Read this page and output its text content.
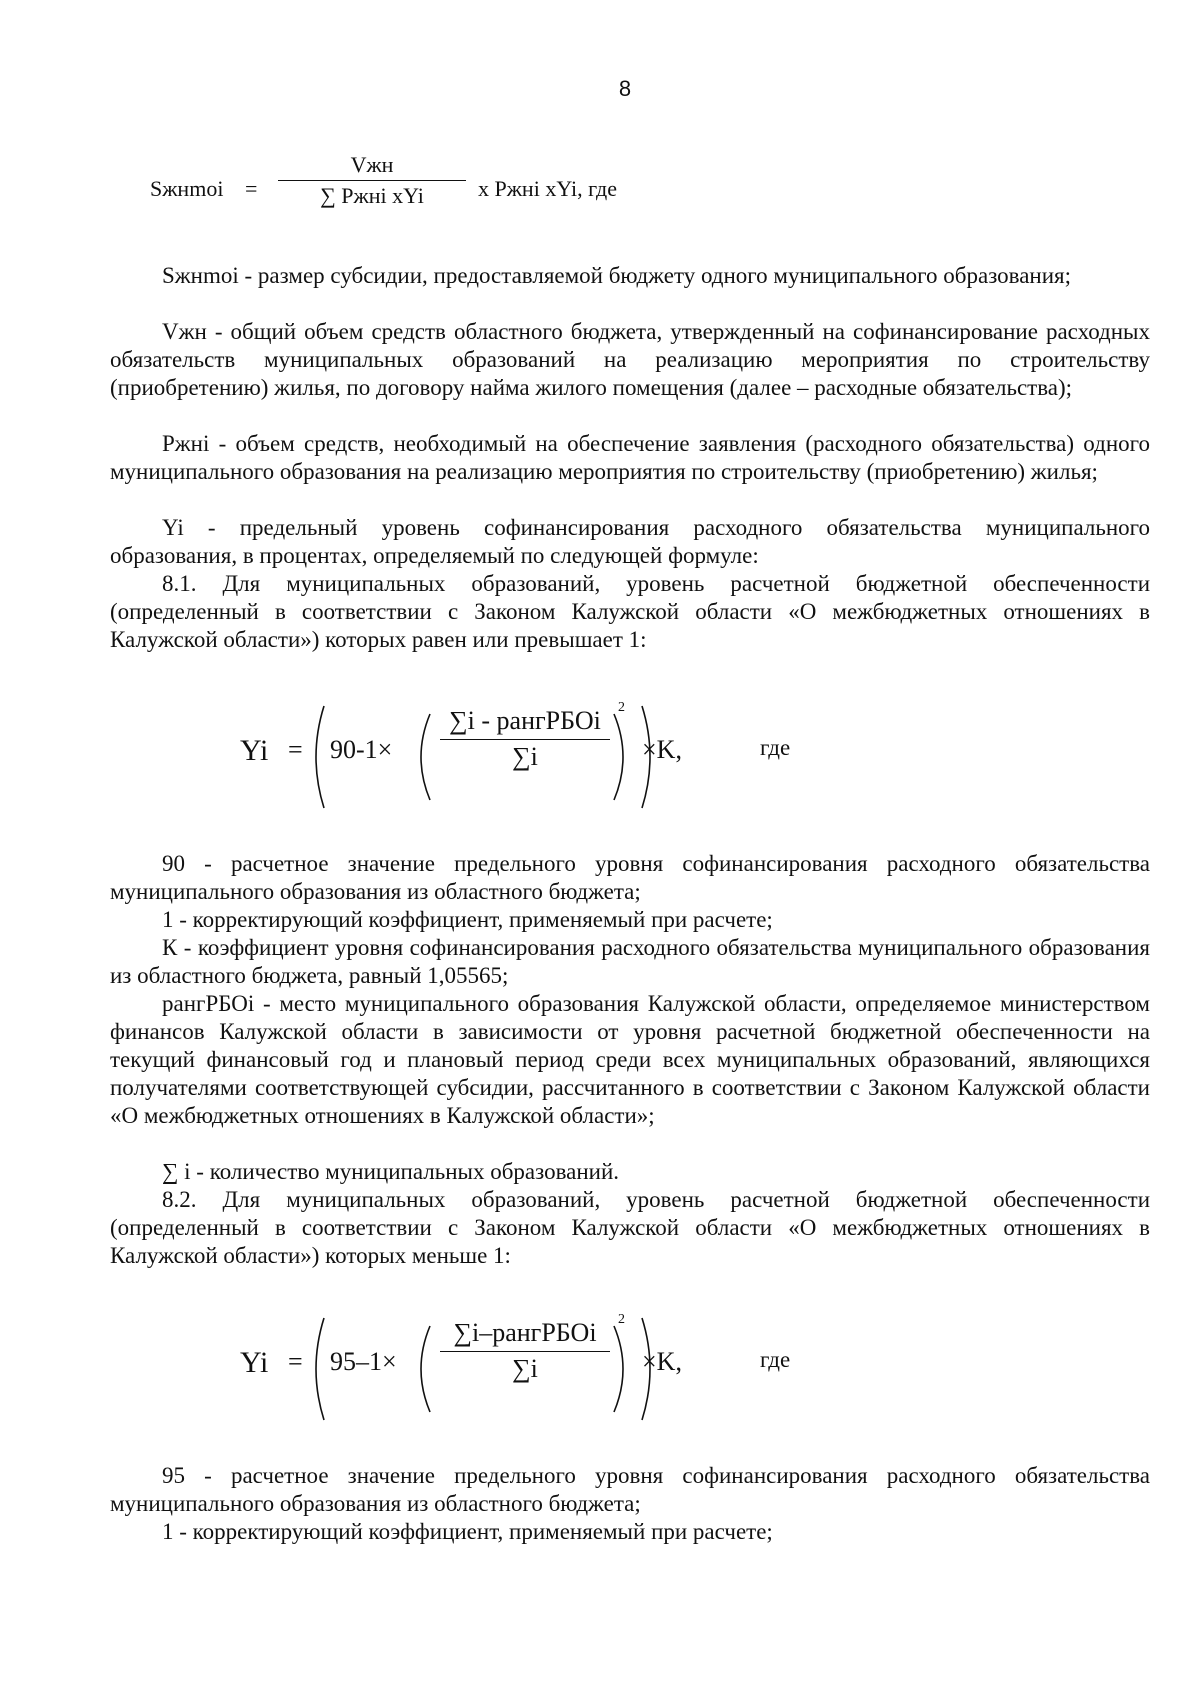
8
Sжнmoi =
Vжн
∑ Pжнi xYi	x Pжнi xYi, где
Sжнmoi - размер субсидии, предоставляемой бюджету одного муниципального образования;
Vжн - общий объем средств областного бюджета, утвержденный на софинансирование расходных обязательств муниципальных образований на реализацию мероприятия по строительству (приобретению) жилья, по договору найма жилого помещения (далее – расходные обязательства);
Pжнi - объем средств, необходимый на обеспечение заявления (расходного обязательства) одного муниципального образования на реализацию мероприятия по строительству (приобретению) жилья;
Yi - предельный уровень софинансирования расходного обязательства муниципального образования, в процентах, определяемый по следующей формуле:
8.1. Для муниципальных образований, уровень расчетной бюджетной обеспеченности (определенный в соответствии с Законом Калужской области «О межбюджетных отношениях в Калужской области») которых равен или превышает 1:
Yi = 90-1×
∑i - рангРБОi
∑i
2
×K,	где
90 - расчетное значение предельного уровня софинансирования расходного обязательства муниципального образования из областного бюджета;
1 - корректирующий коэффициент, применяемый при расчете;
К - коэффициент уровня софинансирования расходного обязательства муниципального образования из областного бюджета, равный 1,05565;
рангРБОi - место муниципального образования Калужской области, определяемое министерством финансов Калужской области в зависимости от уровня расчетной бюджетной обеспеченности на текущий финансовый год и плановый период среди всех муниципальных образований, являющихся получателями соответствующей субсидии, рассчитанного в соответствии с Законом Калужской области «О межбюджетных отношениях в Калужской области»;
∑ i - количество муниципальных образований.
8.2. Для муниципальных образований, уровень расчетной бюджетной обеспеченности (определенный в соответствии с Законом Калужской области «О межбюджетных отношениях в Калужской области») которых меньше 1:
Yi = 95–1×
∑i–рангРБОi
∑i
2
×K,	где
95 - расчетное значение предельного уровня софинансирования расходного обязательства муниципального образования из областного бюджета;
1 - корректирующий коэффициент, применяемый при расчете;
